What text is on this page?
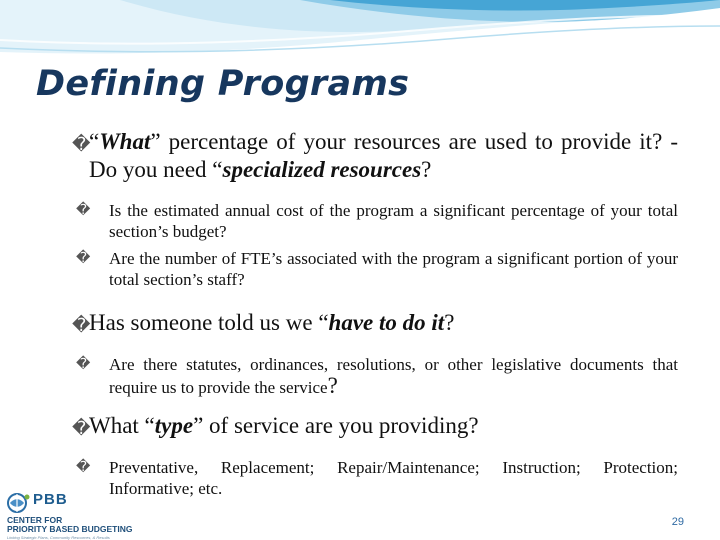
Defining Programs
�
“What” percentage of your resources are used to provide it? - Do you need “specialized resources?
� Is the estimated annual cost of the program a significant percentage of your total section’s budget?
� Are the number of FTE’s associated with the program a significant portion of your total section’s staff?
�
Has someone told us we “have to do it?
� Are there statutes, ordinances, resolutions, or other legislative documents that require us to provide the service?
�
What “type” of service are you providing?
� Preventative, Replacement; Repair/Maintenance; Instruction; Protection; Informative; etc.
PBB
CENTER FOR
PRIORITY BASED BUDGETING
Linking Strategic Plans, Community Resources, & Results
29
